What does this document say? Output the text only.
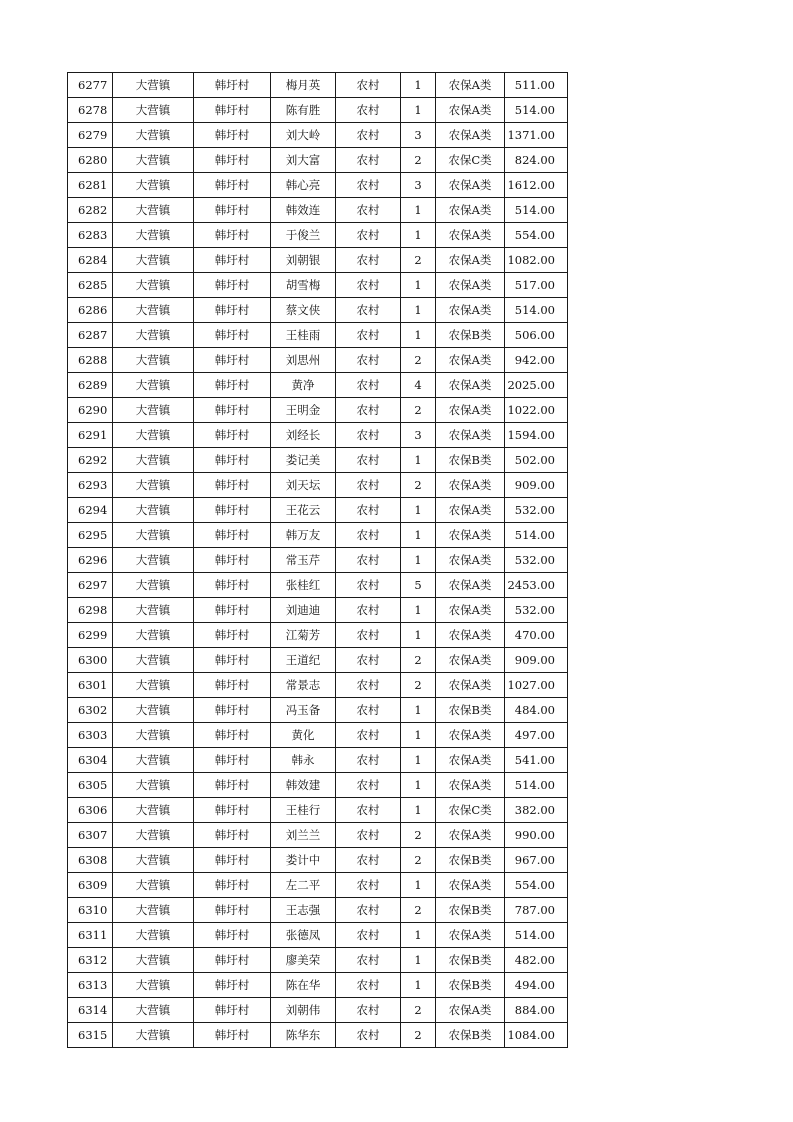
6277	大营镇	韩圩村	梅月英	农村	1	农保A类	511.00
6278	大营镇	韩圩村	陈有胜	农村	1	农保A类	514.00
6279	大营镇	韩圩村	刘大岭	农村	3	农保A类	1371.00
6280	大营镇	韩圩村	刘大富	农村	2	农保C类	824.00
6281	大营镇	韩圩村	韩心亮	农村	3	农保A类	1612.00
6282	大营镇	韩圩村	韩效连	农村	1	农保A类	514.00
6283	大营镇	韩圩村	于俊兰	农村	1	农保A类	554.00
6284	大营镇	韩圩村	刘朝银	农村	2	农保A类	1082.00
6285	大营镇	韩圩村	胡雪梅	农村	1	农保A类	517.00
6286	大营镇	韩圩村	蔡文侠	农村	1	农保A类	514.00
6287	大营镇	韩圩村	王桂雨	农村	1	农保B类	506.00
6288	大营镇	韩圩村	刘思州	农村	2	农保A类	942.00
6289	大营镇	韩圩村	黄净	农村	4	农保A类	2025.00
6290	大营镇	韩圩村	王明金	农村	2	农保A类	1022.00
6291	大营镇	韩圩村	刘经长	农村	3	农保A类	1594.00
6292	大营镇	韩圩村	娄记美	农村	1	农保B类	502.00
6293	大营镇	韩圩村	刘天坛	农村	2	农保A类	909.00
6294	大营镇	韩圩村	王花云	农村	1	农保A类	532.00
6295	大营镇	韩圩村	韩万友	农村	1	农保A类	514.00
6296	大营镇	韩圩村	常玉芹	农村	1	农保A类	532.00
6297	大营镇	韩圩村	张桂红	农村	5	农保A类	2453.00
6298	大营镇	韩圩村	刘迪迪	农村	1	农保A类	532.00
6299	大营镇	韩圩村	江菊芳	农村	1	农保A类	470.00
6300	大营镇	韩圩村	王道纪	农村	2	农保A类	909.00
6301	大营镇	韩圩村	常景志	农村	2	农保A类	1027.00
6302	大营镇	韩圩村	冯玉备	农村	1	农保B类	484.00
6303	大营镇	韩圩村	黄化	农村	1	农保A类	497.00
6304	大营镇	韩圩村	韩永	农村	1	农保A类	541.00
6305	大营镇	韩圩村	韩效建	农村	1	农保A类	514.00
6306	大营镇	韩圩村	王桂行	农村	1	农保C类	382.00
6307	大营镇	韩圩村	刘兰兰	农村	2	农保A类	990.00
6308	大营镇	韩圩村	娄计中	农村	2	农保B类	967.00
6309	大营镇	韩圩村	左二平	农村	1	农保A类	554.00
6310	大营镇	韩圩村	王志强	农村	2	农保B类	787.00
6311	大营镇	韩圩村	张德凤	农村	1	农保A类	514.00
6312	大营镇	韩圩村	廖美荣	农村	1	农保B类	482.00
6313	大营镇	韩圩村	陈在华	农村	1	农保B类	494.00
6314	大营镇	韩圩村	刘朝伟	农村	2	农保A类	884.00
6315	大营镇	韩圩村	陈华东	农村	2	农保B类	1084.00
